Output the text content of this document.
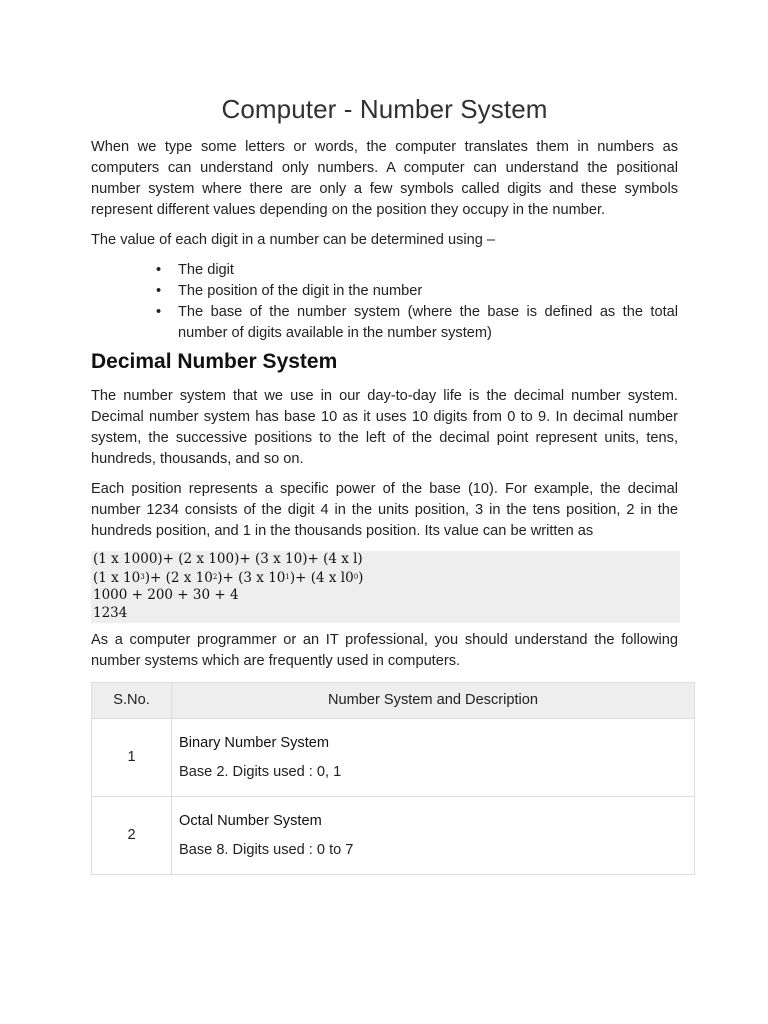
Computer - Number System

When we type some letters or words, the computer translates them in numbers as computers can understand only numbers. A computer can understand the positional number system where there are only a few symbols called digits and these symbols represent different values depending on the position they occupy in the number.

The value of each digit in a number can be determined using –

• The digit
• The position of the digit in the number
• The base of the number system (where the base is defined as the total number of digits available in the number system)
Decimal Number System

The number system that we use in our day-to-day life is the decimal number system. Decimal number system has base 10 as it uses 10 digits from 0 to 9. In decimal number system, the successive positions to the left of the decimal point represent units, tens, hundreds, thousands, and so on.

Each position represents a specific power of the base (10). For example, the decimal number 1234 consists of the digit 4 in the units position, 3 in the tens position, 2 in the hundreds position, and 1 in the thousands position. Its value can be written as

(1 x 1000)+ (2 x 100)+ (3 x 10)+ (4 x l)
(1 x $10^3)+ (2$ x $10^2)+ (3$ x $10^1)+ (4$ x $l0^0$)
1000 + 200 + 30 + 4
1234

As a computer programmer or an IT professional, you should understand the following number systems which are frequently used in computers.

S.No.	Number System and Description
1	Binary Number System
Base 2. Digits used : 0, 1

2	Octal Number System
Base 8. Digits used : 0 to 7
